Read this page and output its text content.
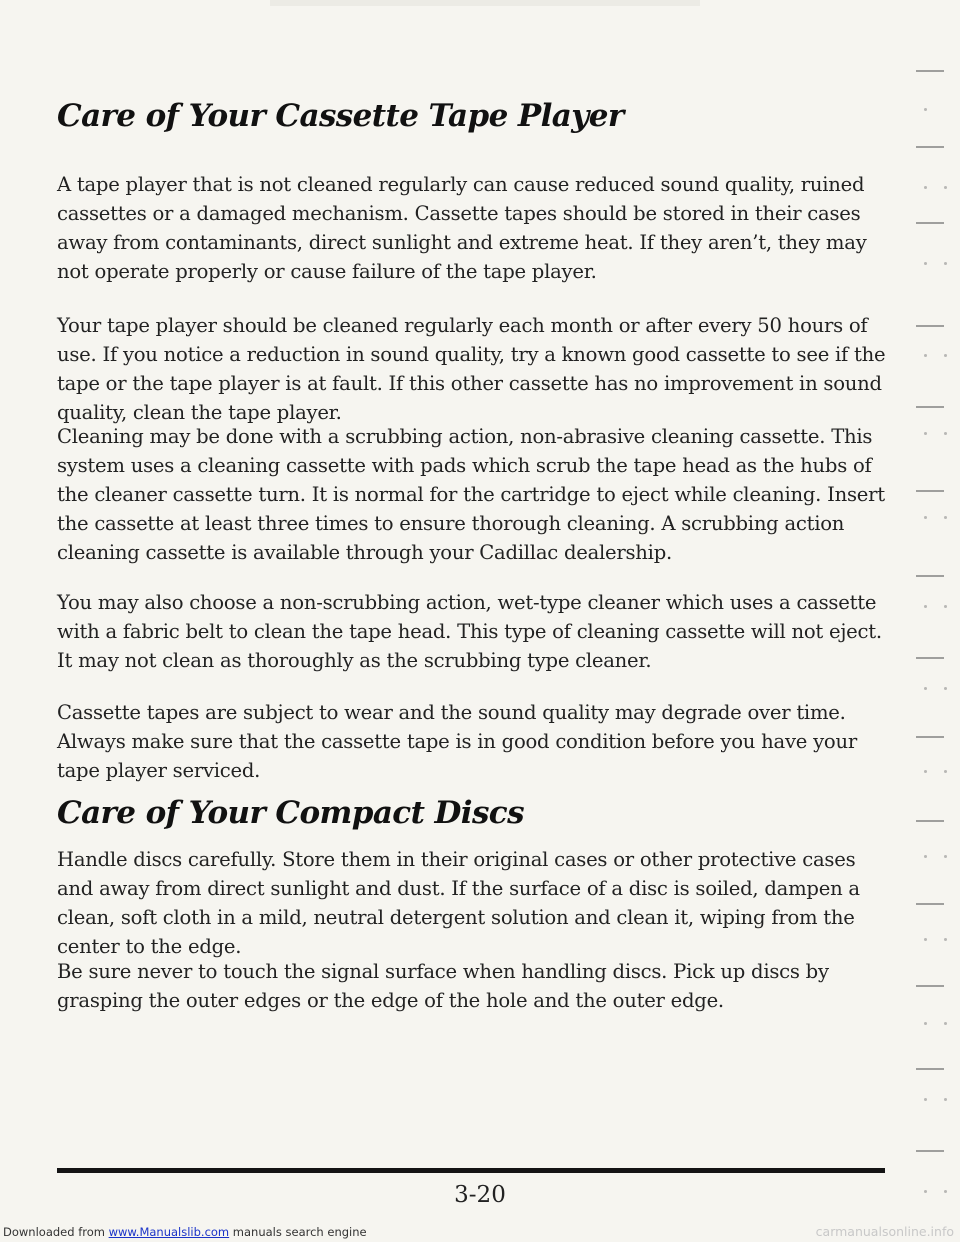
Care of Your Cassette Tape Player

A tape player that is not cleaned regularly can cause reduced sound quality, ruined cassettes or a damaged mechanism. Cassette tapes should be stored in their cases away from contaminants, direct sunlight and extreme heat. If they aren’t, they may not operate properly or cause failure of the tape player.

Your tape player should be cleaned regularly each month or after every 50 hours of use. If you notice a reduction in sound quality, try a known good cassette to see if the tape or the tape player is at fault. If this other cassette has no improvement in sound quality, clean the tape player.

Cleaning may be done with a scrubbing action, non-abrasive cleaning cassette. This system uses a cleaning cassette with pads which scrub the tape head as the hubs of the cleaner cassette turn. It is normal for the cartridge to eject while cleaning. Insert the cassette at least three times to ensure thorough cleaning. A scrubbing action cleaning cassette is available through your Cadillac dealership.

You may also choose a non-scrubbing action, wet-type cleaner which uses a cassette with a fabric belt to clean the tape head. This type of cleaning cassette will not eject. It may not clean as thoroughly as the scrubbing type cleaner.

Cassette tapes are subject to wear and the sound quality may degrade over time. Always make sure that the cassette tape is in good condition before you have your tape player serviced.

Care of Your Compact Discs

Handle discs carefully. Store them in their original cases or other protective cases and away from direct sunlight and dust. If the surface of a disc is soiled, dampen a clean, soft cloth in a mild, neutral detergent solution and clean it, wiping from the center to the edge.

Be sure never to touch the signal surface when handling discs. Pick up discs by grasping the outer edges or the edge of the hole and the outer edge.

3-20
Downloaded from www.Manualslib.com manuals search engine	carmanualsonline.info
